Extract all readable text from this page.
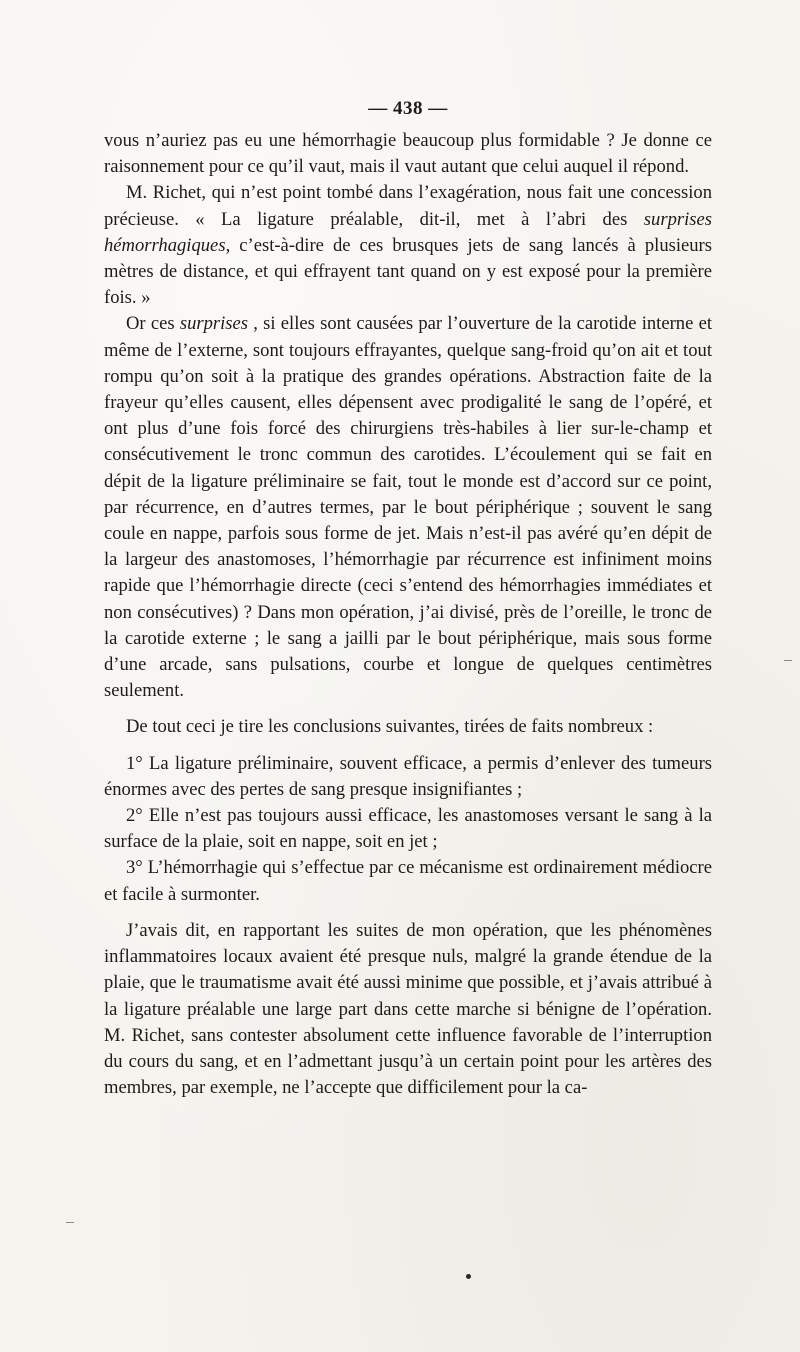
— 438 —

vous n’auriez pas eu une hémorrhagie beaucoup plus formidable ? Je donne ce raisonnement pour ce qu’il vaut, mais il vaut autant que celui auquel il répond.

M. Richet, qui n’est point tombé dans l’exagération, nous fait une concession précieuse. « La ligature préalable, dit-il, met à l’abri des surprises hémorrhagiques, c’est-à-dire de ces brusques jets de sang lancés à plusieurs mètres de distance, et qui effrayent tant quand on y est exposé pour la première fois. »

Or ces surprises , si elles sont causées par l’ouverture de la carotide interne et même de l’externe, sont toujours effrayantes, quelque sang-froid qu’on ait et tout rompu qu’on soit à la pratique des grandes opérations. Abstraction faite de la frayeur qu’elles causent, elles dépensent avec prodigalité le sang de l’opéré, et ont plus d’une fois forcé des chirurgiens très-habiles à lier sur-le-champ et consécutivement le tronc commun des carotides. L’écoulement qui se fait en dépit de la ligature préliminaire se fait, tout le monde est d’accord sur ce point, par récurrence, en d’autres termes, par le bout périphérique ; souvent le sang coule en nappe, parfois sous forme de jet. Mais n’est-il pas avéré qu’en dépit de la largeur des anastomoses, l’hémorrhagie par récurrence est infiniment moins rapide que l’hémorrhagie directe (ceci s’entend des hémorrhagies immédiates et non consécutives) ? Dans mon opération, j’ai divisé, près de l’oreille, le tronc de la carotide externe ; le sang a jailli par le bout périphérique, mais sous forme d’une arcade, sans pulsations, courbe et longue de quelques centimètres seulement.

De tout ceci je tire les conclusions suivantes, tirées de faits nombreux :

1° La ligature préliminaire, souvent efficace, a permis d’enlever des tumeurs énormes avec des pertes de sang presque insignifiantes ;

2° Elle n’est pas toujours aussi efficace, les anastomoses versant le sang à la surface de la plaie, soit en nappe, soit en jet ;

3° L’hémorrhagie qui s’effectue par ce mécanisme est ordinairement médiocre et facile à surmonter.

J’avais dit, en rapportant les suites de mon opération, que les phénomènes inflammatoires locaux avaient été presque nuls, malgré la grande étendue de la plaie, que le traumatisme avait été aussi minime que possible, et j’avais attribué à la ligature préalable une large part dans cette marche si bénigne de l’opération. M. Richet, sans contester absolument cette influence favorable de l’interruption du cours du sang, et en l’admettant jusqu’à un certain point pour les artères des membres, par exemple, ne l’accepte que difficilement pour la ca-
